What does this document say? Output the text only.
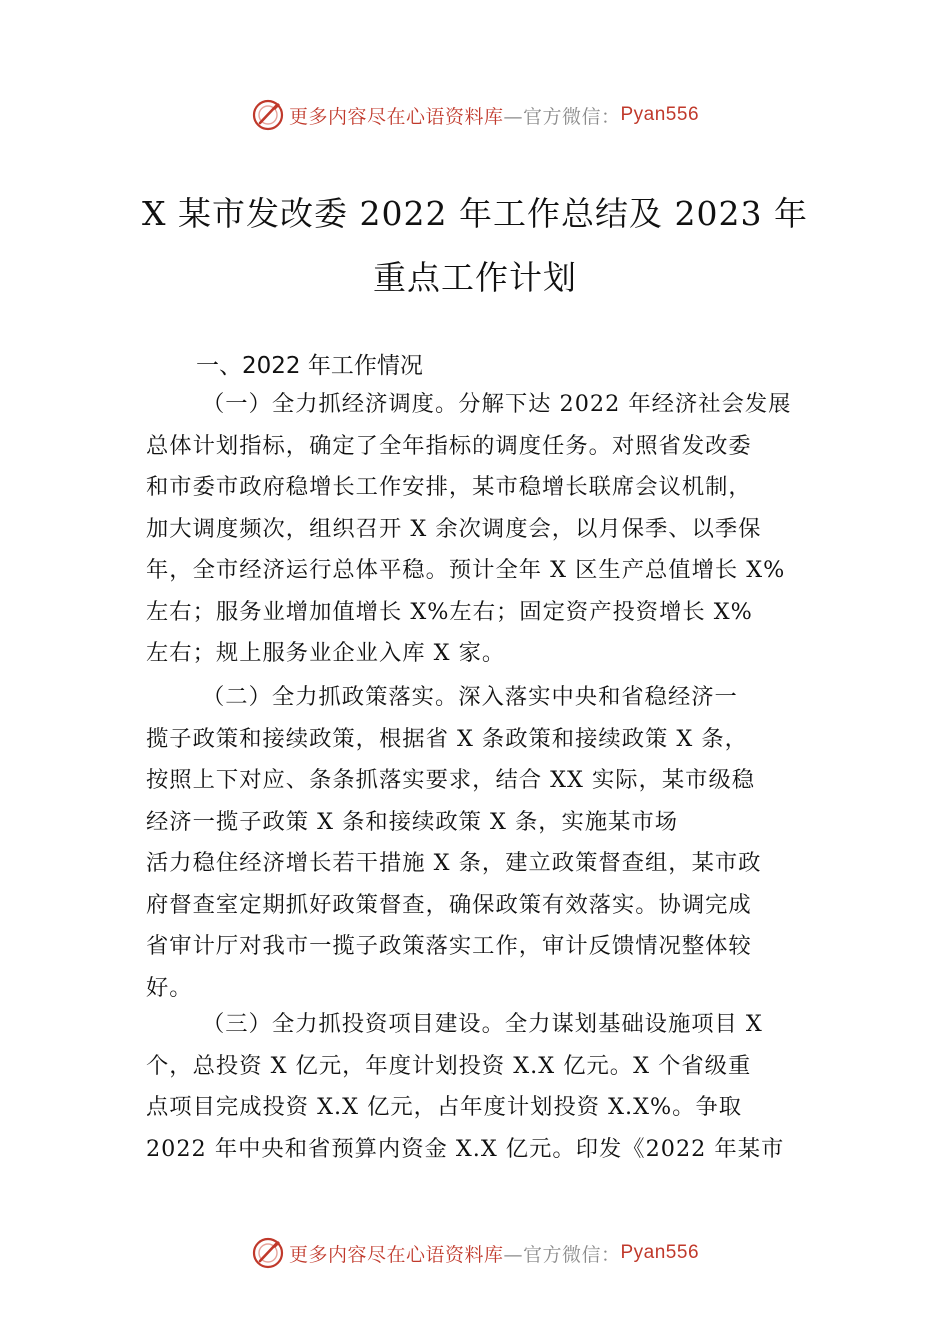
更多内容尽在心语资料库 —官方微信： Pyan556
X 某市发改委 2022 年工作总结及 2023 年
重点工作计划
一、2022 年工作情况
（一）全力抓经济调度。分解下达 2022 年经济社会发展
总体计划指标，确定了全年指标的调度任务。对照省发改委
和市委市政府稳增长工作安排，某市稳增长联席会议机制，
加大调度频次，组织召开 X 余次调度会，以月保季、以季保
年，全市经济运行总体平稳。预计全年 X 区生产总值增长 X%
左右；服务业增加值增长 X%左右；固定资产投资增长 X%
左右；规上服务业企业入库 X 家。
（二）全力抓政策落实。深入落实中央和省稳经济一
揽子政策和接续政策，根据省 X 条政策和接续政策 X 条，
按照上下对应、条条抓落实要求，结合 XX 实际，某市级稳
经济一揽子政策 X 条和接续政策 X 条，实施某市场
活力稳住经济增长若干措施 X 条，建立政策督查组，某市政
府督查室定期抓好政策督查，确保政策有效落实。协调完成
省审计厅对我市一揽子政策落实工作，审计反馈情况整体较
好。
（三）全力抓投资项目建设。全力谋划基础设施项目 X
个，总投资 X 亿元，年度计划投资 X.X 亿元。X 个省级重
点项目完成投资 X.X 亿元，占年度计划投资 X.X%。争取
2022 年中央和省预算内资金 X.X 亿元。印发《2022 年某市
更多内容尽在心语资料库 —官方微信： Pyan556
